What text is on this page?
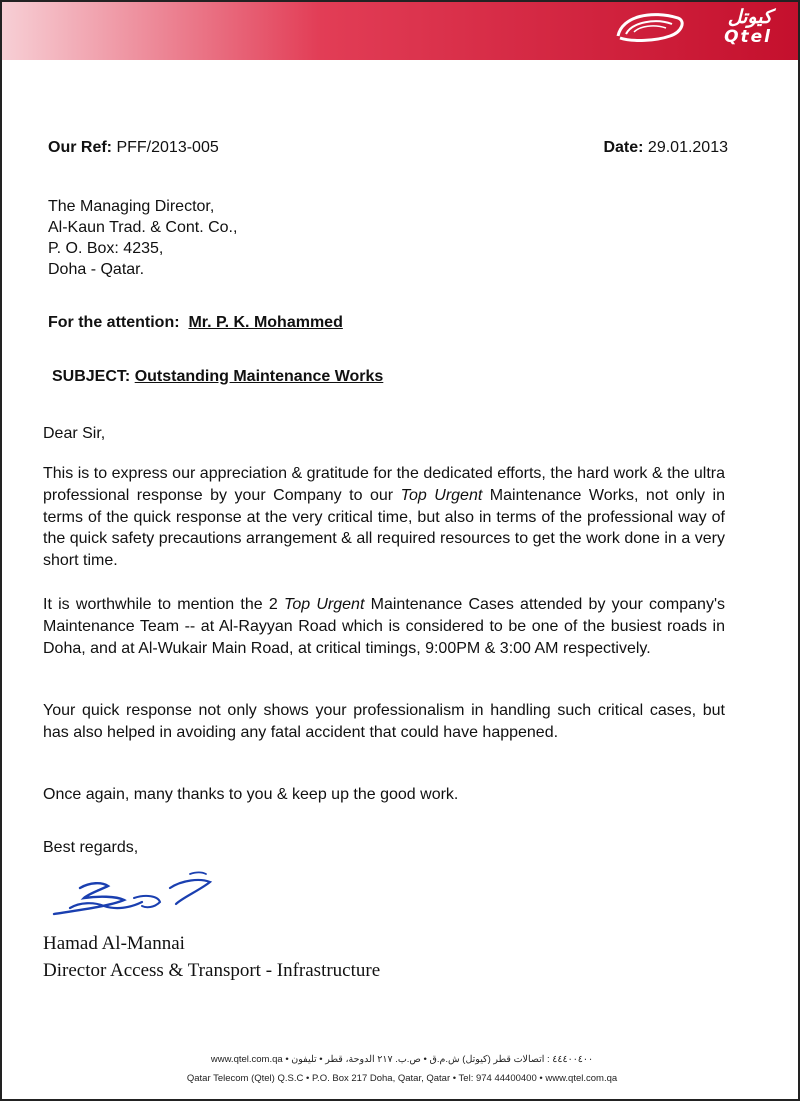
كيوتل
Qtel
Our Ref: PFF/2013-005	Date: 29.01.2013
The Managing Director,
Al-Kaun Trad. & Cont. Co.,
P. O. Box: 4235,
Doha - Qatar.
For the attention: Mr. P. K. Mohammed
SUBJECT: Outstanding Maintenance Works
Dear Sir,
This is to express our appreciation & gratitude for the dedicated efforts, the hard work & the ultra professional response by your Company to our Top Urgent Maintenance Works, not only in terms of the quick response at the very critical time, but also in terms of the professional way of the quick safety precautions arrangement & all required resources to get the work done in a very short time.
It is worthwhile to mention the 2 Top Urgent Maintenance Cases attended by your company's Maintenance Team -- at Al-Rayyan Road which is considered to be one of the busiest roads in Doha, and at Al-Wukair Main Road, at critical timings, 9:00PM & 3:00 AM respectively.
Your quick response not only shows your professionalism in handling such critical cases, but has also helped in avoiding any fatal accident that could have happened.
Once again, many thanks to you & keep up the good work.
Best regards,
Hamad Al-Mannai
Director Access & Transport - Infrastructure
www.qtel.com.qa • ٤٤٤٠٠٤٠٠ : اتصالات قطر (كيوتل) ش.م.ق • ص.ب. ٢١٧ الدوحة، قطر • تليفون
Qatar Telecom (Qtel) Q.S.C • P.O. Box 217 Doha, Qatar, Qatar • Tel: 974 44400400 • www.qtel.com.qa
